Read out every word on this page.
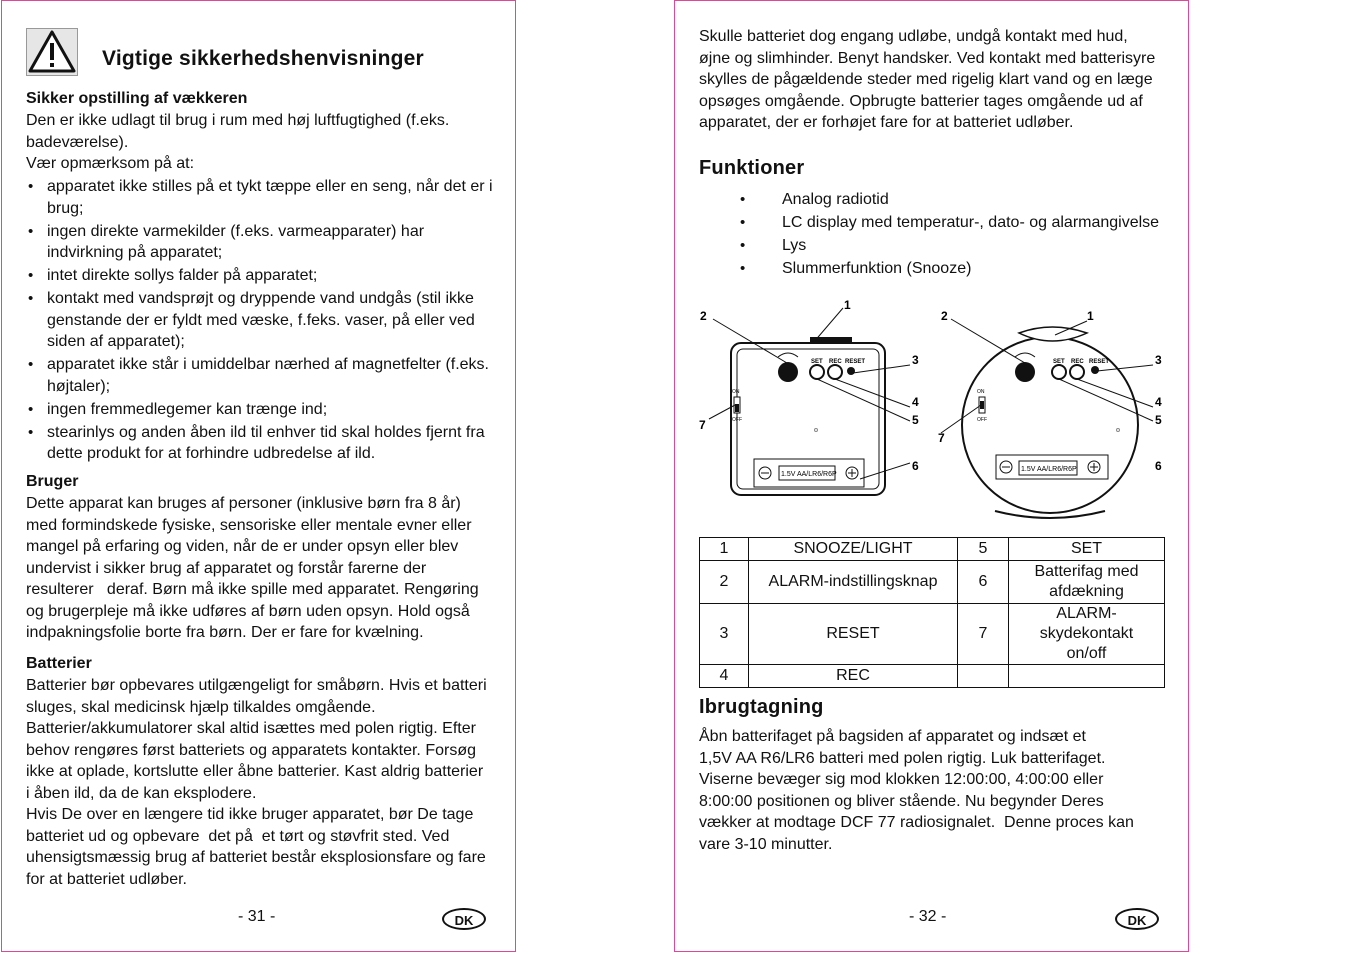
Vigtige sikkerhedshenvisninger

Sikker opstilling af vækkeren

Den er ikke udlagt til brug i rum med høj luftfugtighed (f.eks.

badeværelse).

Vær opmærksom på at:

• apparatet ikke stilles på et tykt tæppe eller en seng, når det er i
brug;
• ingen direkte varmekilder (f.eks. varmeapparater) har
indvirkning på apparatet;
• intet direkte sollys falder på apparatet;
• kontakt med vandsprøjt og dryppende vand undgås (stil ikke
genstande der er fyldt med væske, f.feks. vaser, på eller ved
siden af apparatet);
• apparatet ikke står i umiddelbar nærhed af magnetfelter (f.eks.
højtaler);
• ingen fremmedlegemer kan trænge ind;
• stearinlys og anden åben ild til enhver tid skal holdes fjernt fra
dette produkt for at forhindre udbredelse af ild.

Bruger

Dette apparat kan bruges af personer (inklusive børn fra 8 år)

med formindskede fysiske, sensoriske eller mentale evner eller

mangel på erfaring og viden, når de er under opsyn eller blev

undervist i sikker brug af apparatet og forstår farerne der

resulterer   deraf. Børn må ikke spille med apparatet. Rengøring

og brugerpleje må ikke udføres af børn uden opsyn. Hold også

indpakningsfolie borte fra børn. Der er fare for kvælning.

Batterier

Batterier bør opbevares utilgængeligt for småbørn. Hvis et batteri

sluges, skal medicinsk hjælp tilkaldes omgående.

Batterier/akkumulatorer skal altid isættes med polen rigtig. Efter

behov rengøres først batteriets og apparatets kontakter. Forsøg

ikke at oplade, kortslutte eller åbne batterier. Kast aldrig batterier

i åben ild, da de kan eksplodere.

Hvis De over en længere tid ikke bruger apparatet, bør De tage

batteriet ud og opbevare  det på  et tørt og støvfrit sted. Ved

uhensigtsmæssig brug af batteriet består eksplosionsfare og fare

for at batteriet udløber.

- 31 -	DK

Skulle batteriet dog engang udløbe, undgå kontakt med hud,

øjne og slimhinder. Benyt handsker. Ved kontakt med batterisyre

skylles de pågældende steder med rigelig klart vand og en læge

opsøges omgående. Opbrugte batterier tages omgående ud af

apparatet, der er forhøjet fare for at batteriet udløber.

Funktioner

• Analog radiotid
• LC display med temperatur-, dato- og alarmangivelse
• Lys
• Slummerfunktion (Snooze)
SET REC RESET
ON
OFF
1.5V AA/LR6/R6P
SET REC RESET
ON
OFF
1.5V AA/LR6/R6P
2
1
3
4
5
6
7
2	1
3
4
5
6
7
1	SNOOZE/LIGHT	5	SET
2	ALARM-indstillingsknap	6	Batterifag med afdækning
3	RESET	7	ALARM-skydekontakt on/off
4	REC		

Ibrugtagning

Åbn batterifaget på bagsiden af apparatet og indsæt et

1,5V AA R6/LR6 batteri med polen rigtig. Luk batterifaget.

Viserne bevæger sig mod klokken 12:00:00, 4:00:00 eller

8:00:00 positionen og bliver stående. Nu begynder Deres

vækker at modtage DCF 77 radiosignalet.  Denne proces kan

vare 3-10 minutter.

- 32 -	DK
